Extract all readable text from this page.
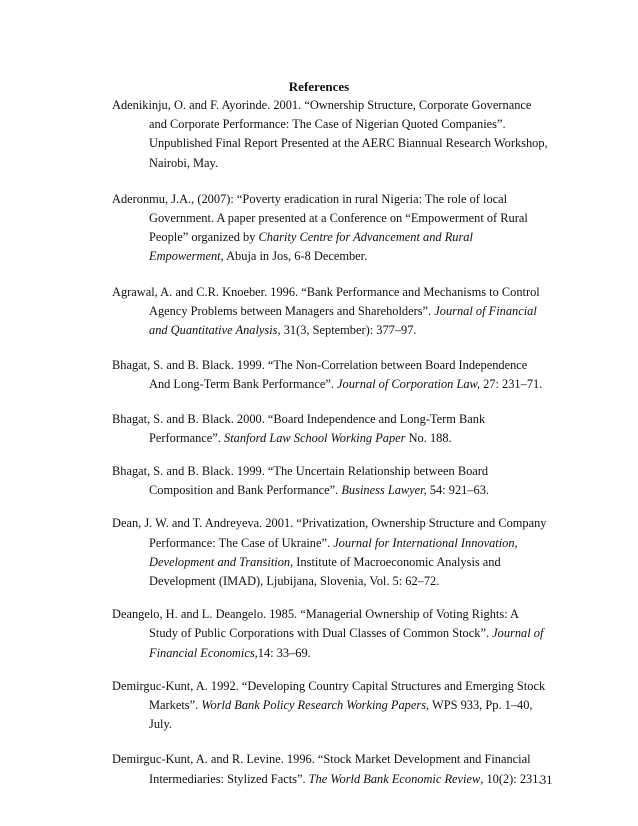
References
Adenikinju, O. and F. Ayorinde. 2001. “Ownership Structure, Corporate Governance
and Corporate Performance: The Case of Nigerian Quoted Companies”.
Unpublished Final Report Presented at the AERC Biannual Research Workshop,
Nairobi, May.
Aderonmu, J.A., (2007): “Poverty eradication in rural Nigeria: The role of local
Government. A paper presented at a Conference on “Empowerment of Rural
People” organized by Charity Centre for Advancement and Rural
Empowerment, Abuja in Jos, 6-8 December.
Agrawal, A. and C.R. Knoeber. 1996. “Bank Performance and Mechanisms to Control
Agency Problems between Managers and Shareholders”. Journal of Financial
and Quantitative Analysis, 31(3, September): 377–97.
Bhagat, S. and B. Black. 1999. “The Non-Correlation between Board Independence
And Long-Term Bank Performance”. Journal of Corporation Law, 27: 231–71.
Bhagat, S. and B. Black. 2000. “Board Independence and Long-Term Bank
Performance”. Stanford Law School Working Paper No. 188.
Bhagat, S. and B. Black. 1999. “The Uncertain Relationship between Board
Composition and Bank Performance”. Business Lawyer, 54: 921–63.
Dean, J. W. and T. Andreyeva. 2001. “Privatization, Ownership Structure and Company
Performance: The Case of Ukraine”. Journal for International Innovation,
Development and Transition, Institute of Macroeconomic Analysis and
Development (IMAD), Ljubijana, Slovenia, Vol. 5: 62–72.
Deangelo, H. and L. Deangelo. 1985. “Managerial Ownership of Voting Rights: A
Study of Public Corporations with Dual Classes of Common Stock”. Journal of
Financial Economics,14: 33–69.
Demirguc-Kunt, A. 1992. “Developing Country Capital Structures and Emerging Stock
Markets”. World Bank Policy Research Working Papers, WPS 933, Pp. 1–40,
July.
Demirguc-Kunt, A. and R. Levine. 1996. “Stock Market Development and Financial
Intermediaries: Stylized Facts”. The World Bank Economic Review, 10(2): 231.
31
